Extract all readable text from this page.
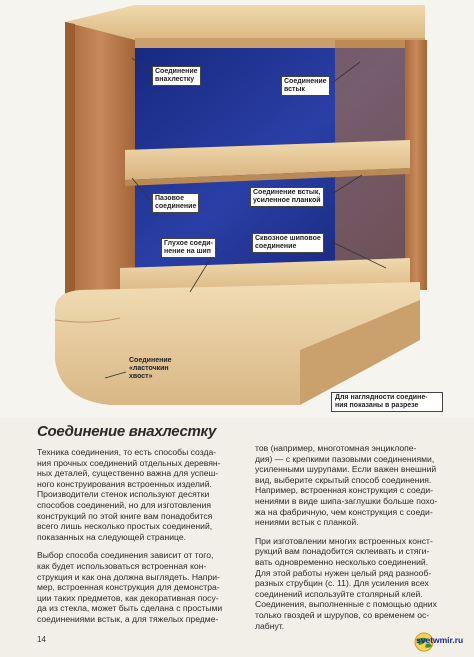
Соединение
внахлестку	Соединение
встык
Пазовое
соединение
Соединение встык,
усиленное планкой
Глухое соеди-
нение на шип
Сквозное шиповое
соединение
Соединение
«ласточкин
хвост»
Для наглядности соедине-
ния показаны в разрезе
Соединение внахлестку
Техника соединения, то есть способы созда-
ния прочных соединений отдельных деревян-
ных деталей, существенно важна для успеш-
ного конструирования встроенных изделий.
Производители стенок используют десятки
способов соединений, но для изготовления
конструкций по этой книге вам понадобится
всего лишь несколько простых соединений,
показанных на следующей странице.
Выбор способа соединения зависит от того,
как будет использоваться встроенная кон-
струкция и как она должна выглядеть. Напри-
мер, встроенная конструкция для демонстра-
ции таких предметов, как декоративная посу-
да из стекла, может быть сделана с простыми
соединениями встык, а для тяжелых предме-
тов (например, многотомная энциклопе-
дия) — с крепкими пазовыми соединениями,
усиленными шурупами. Если важен внешний
вид, выберите скрытый способ соединения.
Например, встроенная конструкция с соеди-
нениями в виде шипа-заглушки больше похо-
жа на фабричную, чем конструкция с соеди-
нениями встык с планкой.
При изготовлении многих встроенных конст-
рукций вам понадобится склеивать и стяги-
вать одновременно несколько соединений.
Для этой работы нужен целый ряд разнооб-
разных струбцин (с. 11). Для усиления всех
соединений используйте столярный клей.
Соединения, выполненные с помощью одних
только гвоздей и шурупов, со временем ос-
лабнут.
14	svetwmir.ru
